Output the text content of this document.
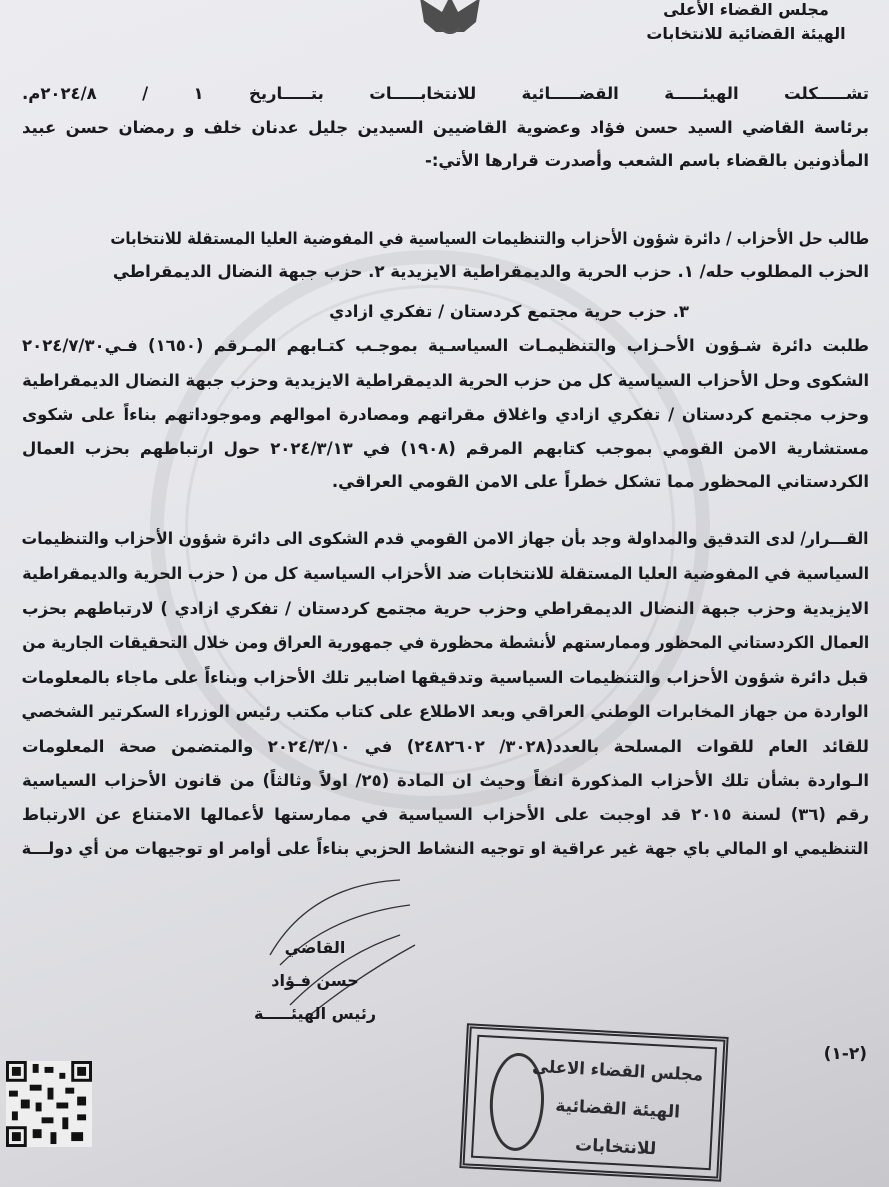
مجلس القضاء الأعلى
الهيئة القضائية للانتخابات
تشـــــكلت الهيئـــــة القضـــــائية للانتخابـــــات بتـــــاريخ ١ / ٢٠٢٤/٨م.
برئاسة القاضي السيد حسن فؤاد وعضوية القاضيين السيدين جليل عدنان خلف و رمضان حسن عبيد
المأذونين بالقضاء باسم الشعب وأصدرت قرارها الأتي:-
طالب حل الأحزاب / دائرة شؤون الأحزاب والتنظيمات السياسية في المفوضية العليا المستقلة للانتخابات
الحزب المطلوب حله/ ١. حزب الحرية والديمقراطية الايزيدية ٢. حزب جبهة النضال الديمقراطي
٣. حزب حرية مجتمع كردستان / تفكري ازادي
طلبت دائرة شـؤون الأحـزاب والتنظيمـات السياسـية بموجـب كتـابهم المـرقم (١٦٥٠) فـي٢٠٢٤/٧/٣٠
الشكوى وحل الأحزاب السياسية كل من حزب الحرية الديمقراطية الايزيدية وحزب جبهة النضال الديمقراطية
وحزب مجتمع كردستان / تفكري ازادي واغلاق مقراتهم ومصادرة اموالهم وموجوداتهم بناءاً على شكوى
مستشارية الامن القومي بموجب كتابهم المرقم (١٩٠٨) في ٢٠٢٤/٣/١٣ حول ارتباطهم بحزب العمال
الكردستاني المحظور مما تشكل خطراً على الامن القومي العراقي.
القـــرار/ لدى التدقيق والمداولة وجد بأن جهاز الامن القومي قدم الشكوى الى دائرة شؤون الأحزاب والتنظيمات
السياسية في المفوضية العليا المستقلة للانتخابات ضد الأحزاب السياسية كل من ( حزب الحرية والديمقراطية
الايزيدية وحزب جبهة النضال الديمقراطي وحزب حرية مجتمع كردستان / تفكري ازادي ) لارتباطهم بحزب
العمال الكردستاني المحظور وممارستهم لأنشطة محظورة في جمهورية العراق ومن خلال التحقيقات الجارية من
قبل دائرة شؤون الأحزاب والتنظيمات السياسية وتدقيقها اضابير تلك الأحزاب وبناءاً على ماجاء بالمعلومات
الواردة من جهاز المخابرات الوطني العراقي وبعد الاطلاع على كتاب مكتب رئيس الوزراء السكرتير الشخصي
للقائد العام للقوات المسلحة بالعدد(٣٠٢٨/ ٢٤٨٢٦٠٢) في ٢٠٢٤/٣/١٠ والمتضمن صحة المعلومات
الـواردة بشأن تلك الأحزاب المذكورة انفاً وحيث ان المادة (٢٥/ اولاً وثالثاً) من قانون الأحزاب السياسية
رقم (٣٦) لسنة ٢٠١٥ قد اوجبت على الأحزاب السياسية في ممارستها لأعمالها الامتناع عن الارتباط
التنظيمي او المالي باي جهة غير عراقية او توجيه النشاط الحزبي بناءاً على أوامر او توجيهات من أي دولـــة
القاضي
حسن فـؤاد
رئيس الهيئـــــة
مجلس القضاء الاعلى
الهيئة القضائية
للانتخابات
(٢-١)
